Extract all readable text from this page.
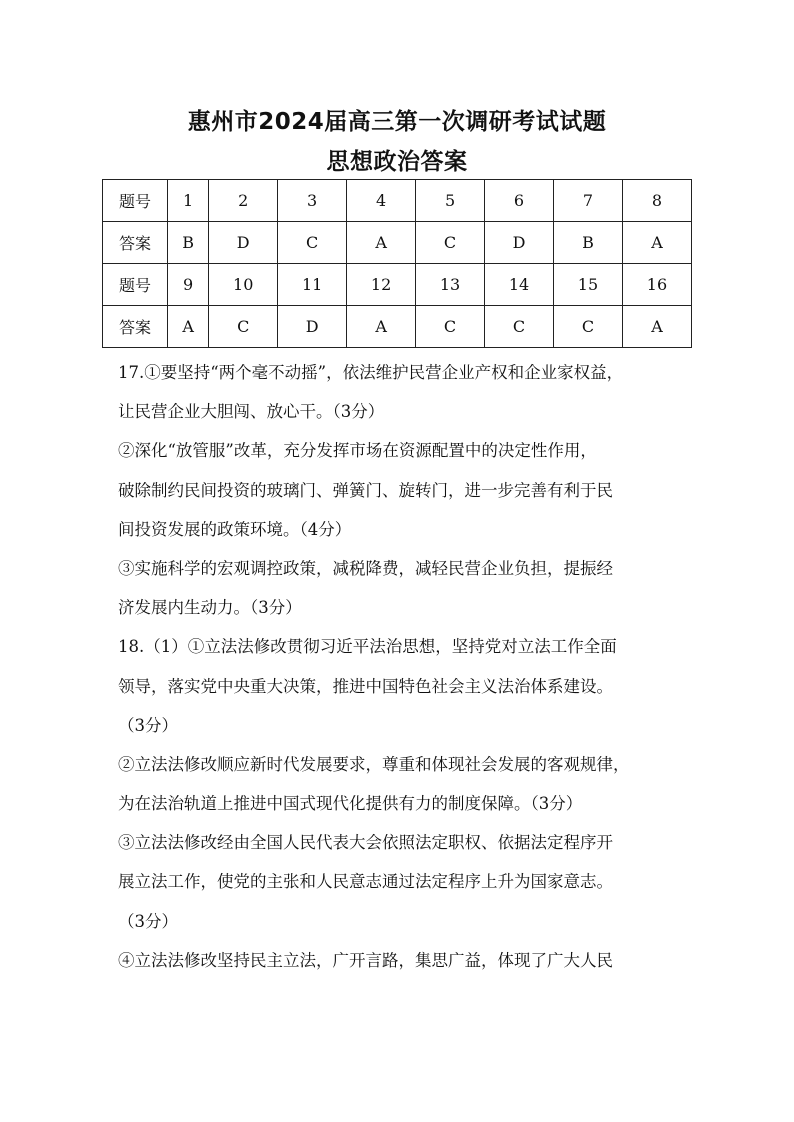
惠州市2024届高三第一次调研考试试题
思想政治答案
题号	1	2	3	4	5	6	7	8
答案	B	D	C	A	C	D	B	A
题号	9	10	11	12	13	14	15	16
答案	A	C	D	A	C	C	C	A
17.①要坚持“两个毫不动摇”，依法维护民营企业产权和企业家权益，
让民营企业大胆闯、放心干。（3分）
②深化“放管服”改革，充分发挥市场在资源配置中的决定性作用，
破除制约民间投资的玻璃门、弹簧门、旋转门，进一步完善有利于民
间投资发展的政策环境。（4分）
③实施科学的宏观调控政策，减税降费，减轻民营企业负担，提振经
济发展内生动力。（3分）
18.（1）①立法法修改贯彻习近平法治思想，坚持党对立法工作全面
领导，落实党中央重大决策，推进中国特色社会主义法治体系建设。
（3分）
②立法法修改顺应新时代发展要求，尊重和体现社会发展的客观规律，
为在法治轨道上推进中国式现代化提供有力的制度保障。（3分）
③立法法修改经由全国人民代表大会依照法定职权、依据法定程序开
展立法工作，使党的主张和人民意志通过法定程序上升为国家意志。
（3分）
④立法法修改坚持民主立法，广开言路，集思广益，体现了广大人民
